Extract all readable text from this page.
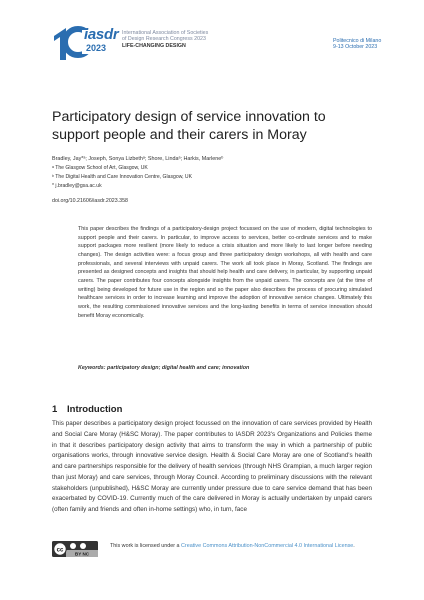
iasdr
2023
International Association of Societies
of Design Research Congress 2023
LIFE-CHANGING DESIGN
Politecnico di Milano
9-13 October 2023
Participatory design of service innovation to support people and their carers in Moray
Bradley, Jay*ᵃ; Joseph, Sonya Lizbethᵃ; Shore, Lindaᵃ; Harkis, Marleneᵇ
ᵃ The Glasgow School of Art, Glasgow, UK
ᵇ The Digital Health and Care Innovation Centre, Glasgow, UK
* j.bradley@gsa.ac.uk
doi.org/10.21606/iasdr.2023.358
This paper describes the findings of a participatory-design project focussed on the use of modern, digital technologies to support people and their carers. In particular, to improve access to services, better co-ordinate services and to make support packages more resilient (more likely to reduce a crisis situation and more likely to last longer before needing changes). The design activities were: a focus group and three participatory design workshops, all with health and care professionals, and several interviews with unpaid carers. The work all took place in Moray, Scotland. The findings are presented as designed concepts and insights that should help health and care delivery, in particular, by supporting unpaid carers. The paper contributes four concepts alongside insights from the unpaid carers. The concepts are (at the time of writing) being developed for future use in the region and so the paper also describes the process of procuring simulated healthcare services in order to increase learning and improve the adoption of innovative service changes. Ultimately this work, the resulting commissioned innovative services and the long-lasting benefits in terms of service innovation should benefit Moray economically.
Keywords: participatory design; digital health and care; innovation
1 Introduction
This paper describes a participatory design project focussed on the innovation of care services provided by Health and Social Care Moray (H&SC Moray). The paper contributes to IASDR 2023's Organizations and Policies theme in that it describes participatory design activity that aims to transform the way in which a partnership of public organisations works, through innovative service design. Health & Social Care Moray are one of Scotland's health and care partnerships responsible for the delivery of health services (through NHS Grampian, a much larger region than just Moray) and care services, through Moray Council. According to preliminary discussions with the relevant stakeholders (unpublished), H&SC Moray are currently under pressure due to care service demand that has been exacerbated by COVID-19. Currently much of the care delivered in Moray is actually undertaken by unpaid carers (often family and friends and often in-home settings) who, in turn, face
cc
BY NC
This work is licensed under a Creative Commons Attribution-NonCommercial 4.0 International License.
